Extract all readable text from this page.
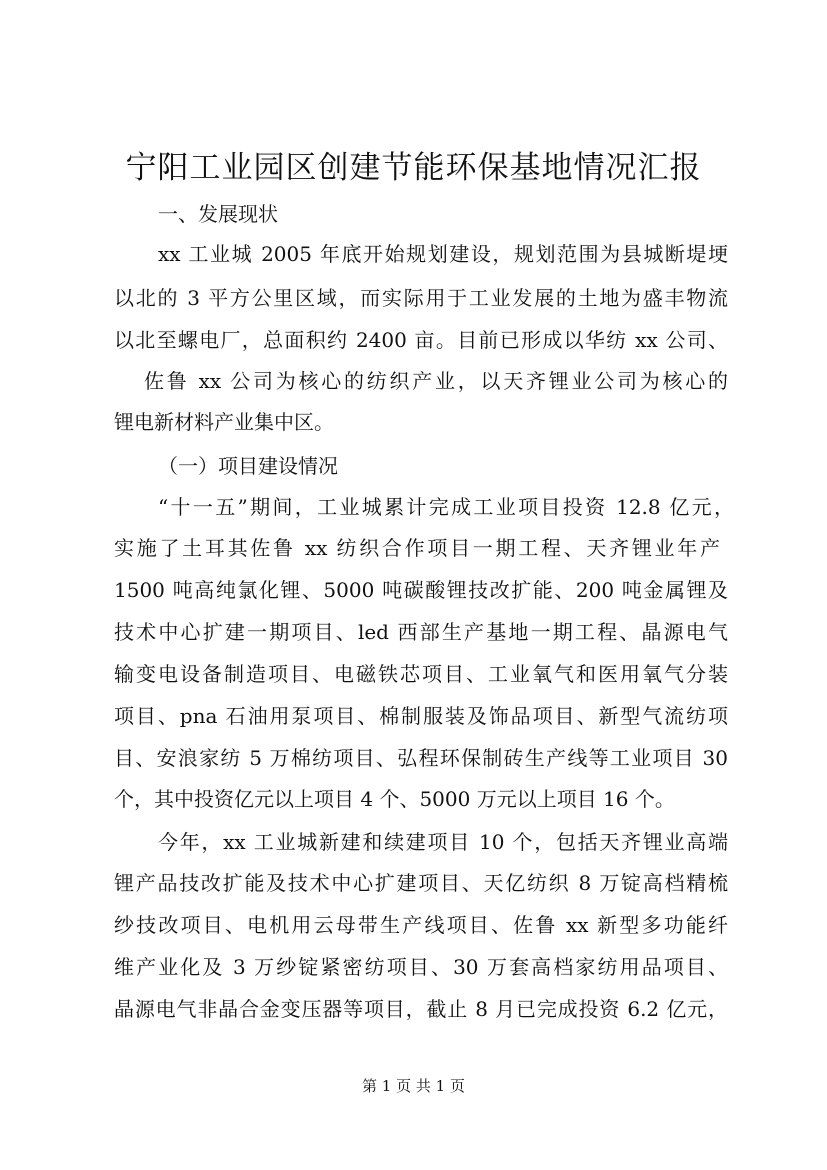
宁阳工业园区创建节能环保基地情况汇报
一、发展现状
xx 工业城 2005 年底开始规划建设，规划范围为县城断堤埂
以北的 3 平方公里区域，而实际用于工业发展的土地为盛丰物流
以北至螺电厂，总面积约 2400 亩。目前已形成以华纺 xx 公司、
佐鲁 xx 公司为核心的纺织产业，以天齐锂业公司为核心的
锂电新材料产业集中区。
（一）项目建设情况
“十一五”期间，工业城累计完成工业项目投资 12.8 亿元，
实施了土耳其佐鲁 xx 纺织合作项目一期工程、天齐锂业年产
1500 吨高纯氯化锂、5000 吨碳酸锂技改扩能、200 吨金属锂及
技术中心扩建一期项目、led 西部生产基地一期工程、晶源电气
输变电设备制造项目、电磁铁芯项目、工业氧气和医用氧气分装
项目、pna 石油用泵项目、棉制服装及饰品项目、新型气流纺项
目、安浪家纺 5 万棉纺项目、弘程环保制砖生产线等工业项目 30
个，其中投资亿元以上项目 4 个、5000 万元以上项目 16 个。
今年，xx 工业城新建和续建项目 10 个，包括天齐锂业高端
锂产品技改扩能及技术中心扩建项目、天亿纺织 8 万锭高档精梳
纱技改项目、电机用云母带生产线项目、佐鲁 xx 新型多功能纤
维产业化及 3 万纱锭紧密纺项目、30 万套高档家纺用品项目、
晶源电气非晶合金变压器等项目，截止 8 月已完成投资 6.2 亿元，
第 1 页 共 1 页
